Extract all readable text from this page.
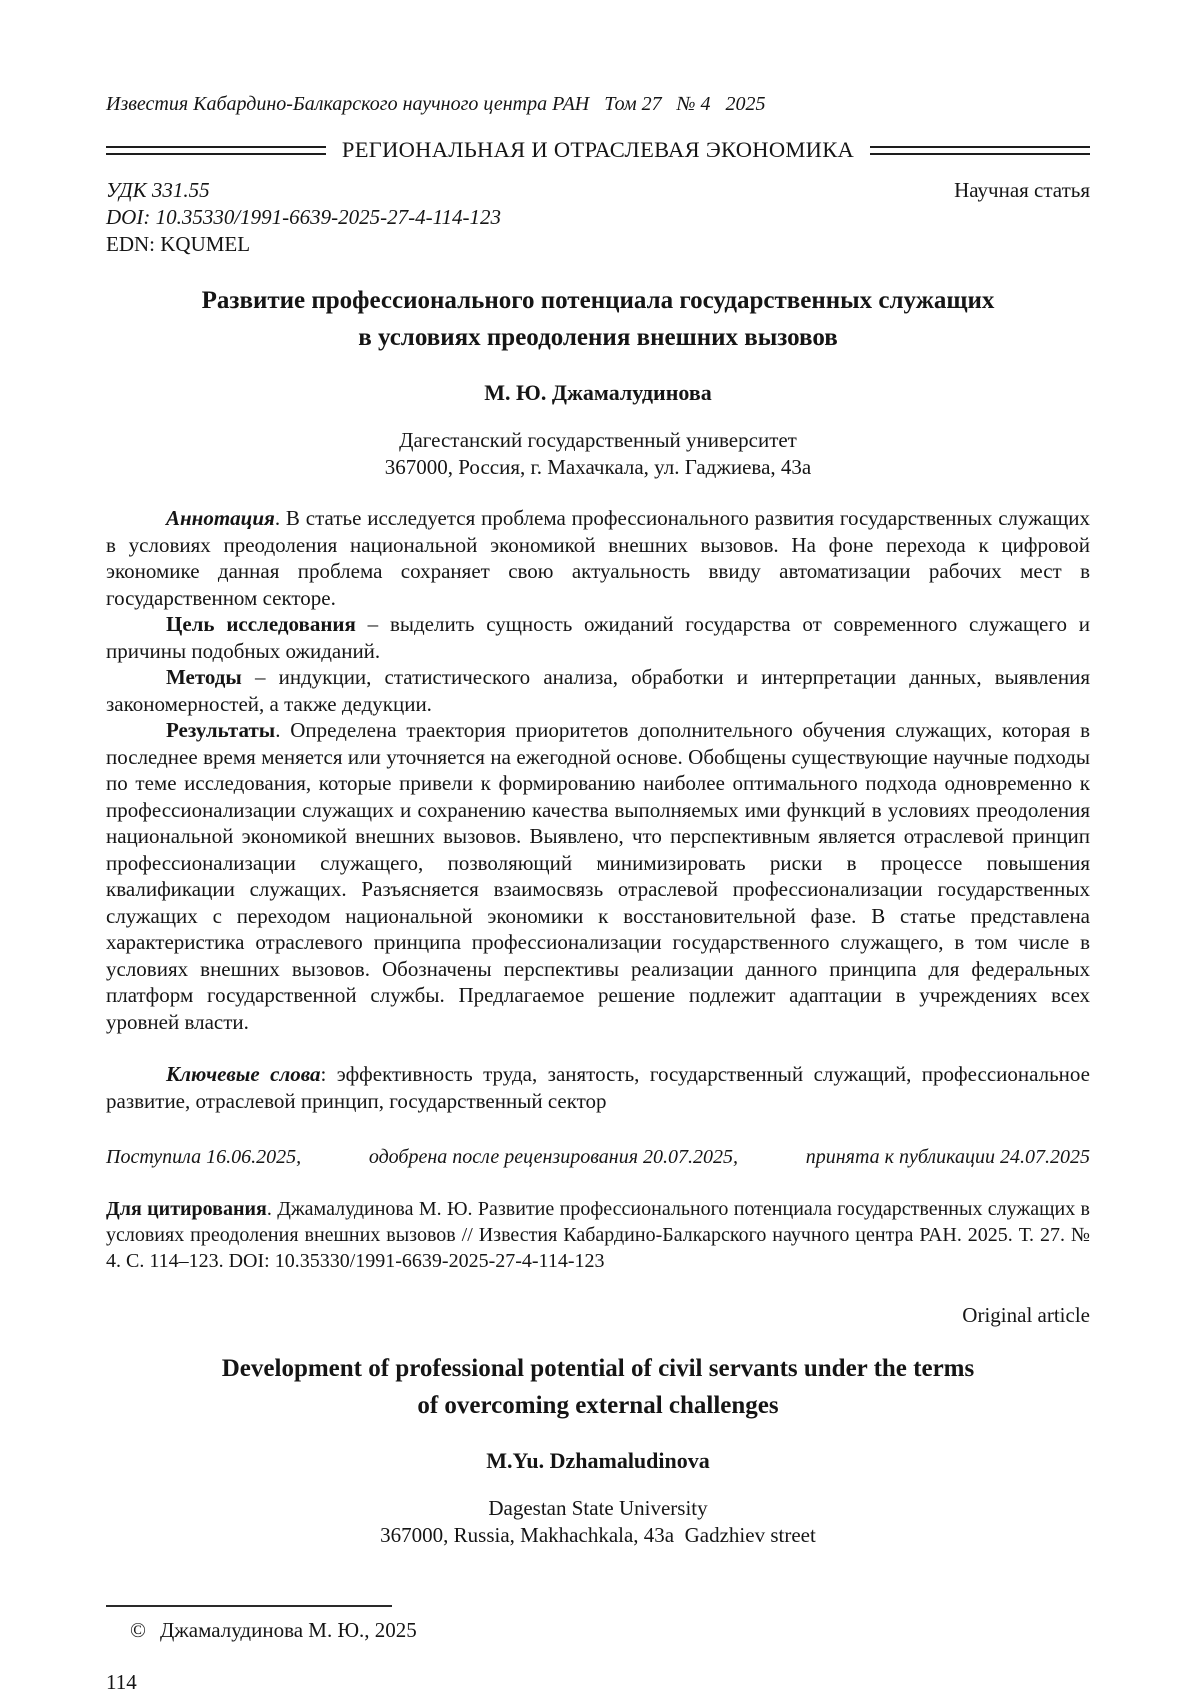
Известия Кабардино-Балкарского научного центра РАН   Том 27   № 4   2025
РЕГИОНАЛЬНАЯ И ОТРАСЛЕВАЯ ЭКОНОМИКА
УДК 331.55	Научная статья
DOI: 10.35330/1991-6639-2025-27-4-114-123
EDN: KQUMEL
Развитие профессионального потенциала государственных служащих
в условиях преодоления внешних вызовов
М. Ю. Джамалудинова
Дагестанский государственный университет
367000, Россия, г. Махачкала, ул. Гаджиева, 43а

Аннотация. В статье исследуется проблема профессионального развития государственных служащих в условиях преодоления национальной экономикой внешних вызовов. На фоне перехода к цифровой экономике данная проблема сохраняет свою актуальность ввиду автоматизации рабочих мест в государственном секторе.

Цель исследования – выделить сущность ожиданий государства от современного служащего и причины подобных ожиданий.

Методы – индукции, статистического анализа, обработки и интерпретации данных, выявления закономерностей, а также дедукции.

Результаты. Определена траектория приоритетов дополнительного обучения служащих, которая в последнее время меняется или уточняется на ежегодной основе. Обобщены существующие научные подходы по теме исследования, которые привели к формированию наиболее оптимального подхода одновременно к профессионализации служащих и сохранению качества выполняемых ими функций в условиях преодоления национальной экономикой внешних вызовов. Выявлено, что перспективным является отраслевой принцип профессионализации служащего, позволяющий минимизировать риски в процессе повышения квалификации служащих. Разъясняется взаимосвязь отраслевой профессионализации государственных служащих с переходом национальной экономики к восстановительной фазе. В статье представлена характеристика отраслевого принципа профессионализации государственного служащего, в том числе в условиях внешних вызовов. Обозначены перспективы реализации данного принципа для федеральных платформ государственной службы. Предлагаемое решение подлежит адаптации в учреждениях всех уровней власти.

Ключевые слова: эффективность труда, занятость, государственный служащий, профессиональное развитие, отраслевой принцип, государственный сектор

Поступила 16.06.2025,	одобрена после рецензирования 20.07.2025,	принята к публикации 24.07.2025

Для цитирования. Джамалудинова М. Ю. Развитие профессионального потенциала государственных служащих в условиях преодоления внешних вызовов // Известия Кабардино-Балкарского научного центра РАН. 2025. Т. 27. № 4. С. 114–123. DOI: 10.35330/1991-6639-2025-27-4-114-123

Original article
Development of professional potential of civil servants under the terms
of overcoming external challenges
M.Yu. Dzhamaludinova
Dagestan State University
367000, Russia, Makhachkala, 43a  Gadzhiev street
© Джамалудинова М. Ю., 2025
114
